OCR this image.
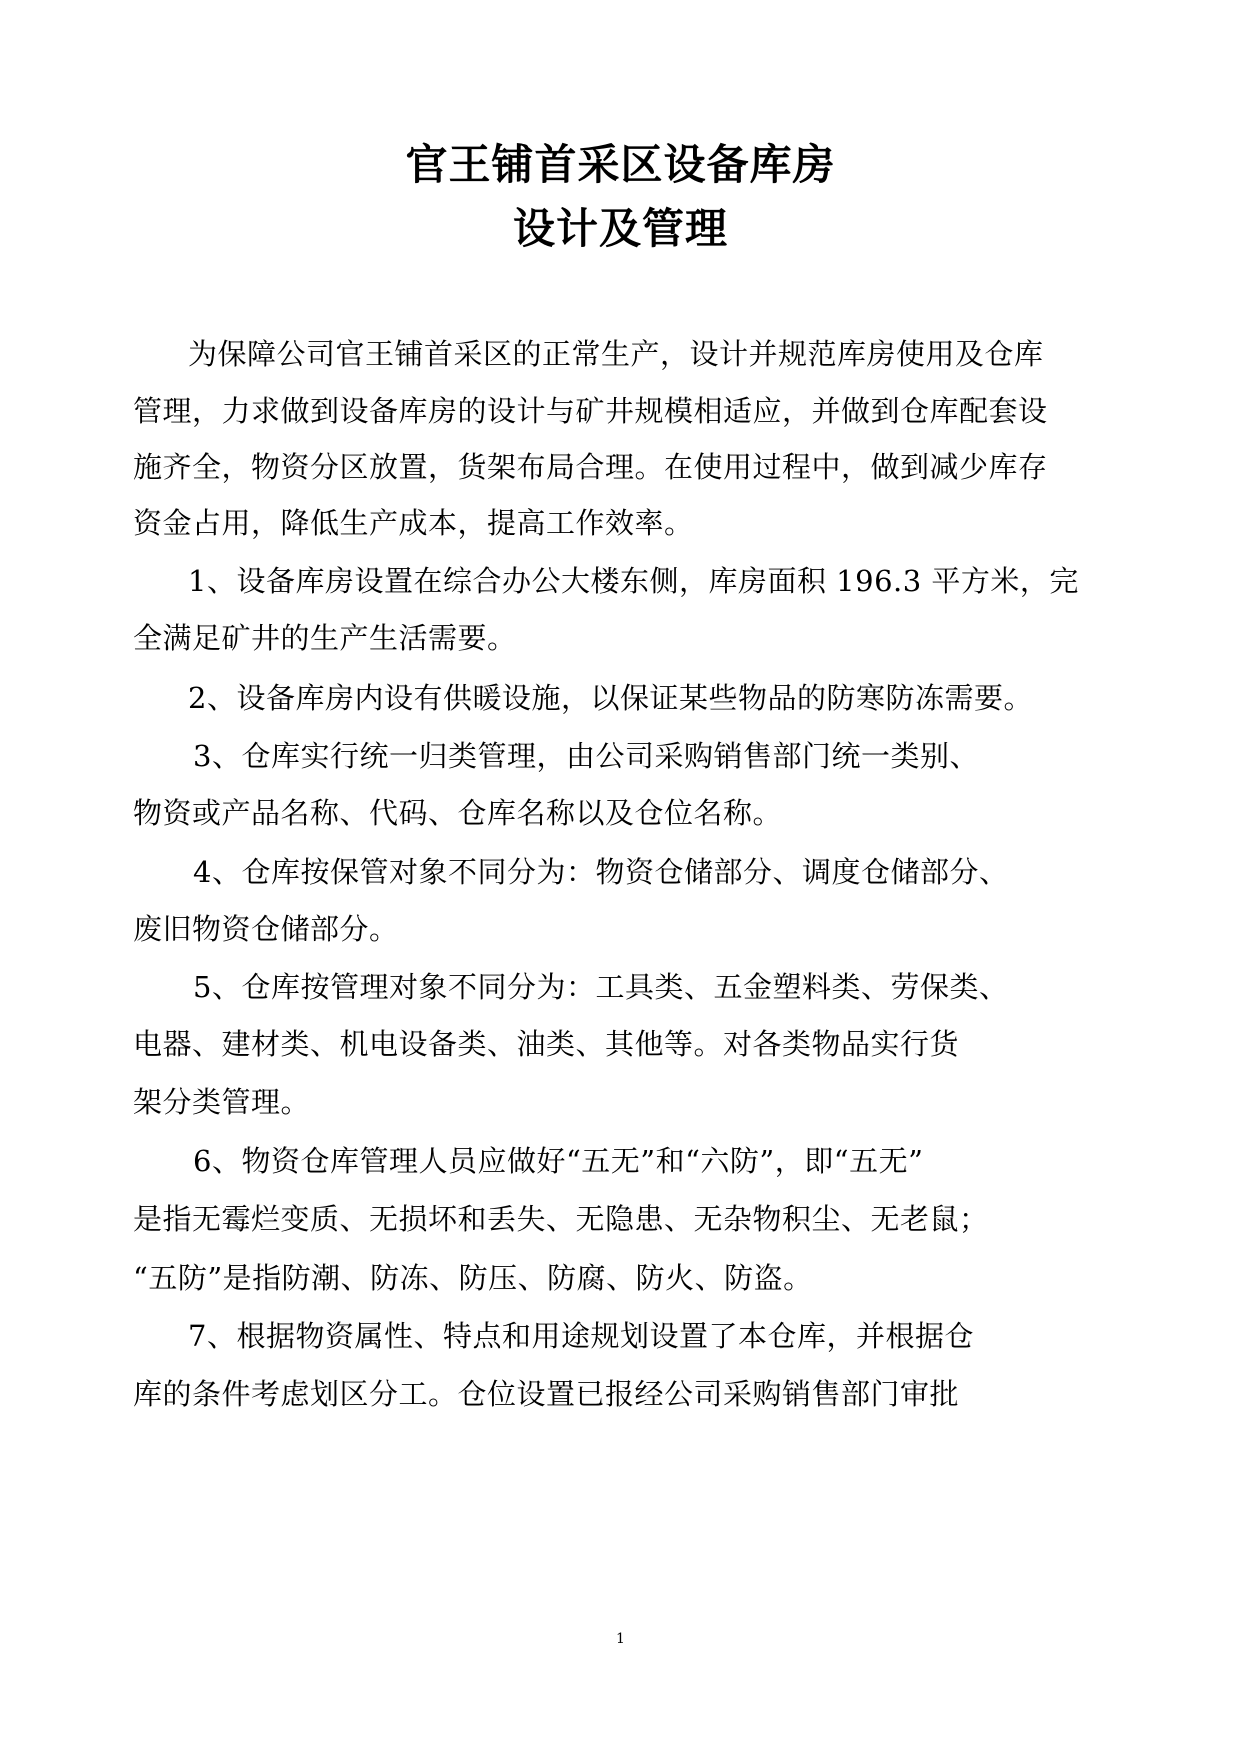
官王铺首采区设备库房
设计及管理
为保障公司官王铺首采区的正常生产，设计并规范库房使用及仓库
管理，力求做到设备库房的设计与矿井规模相适应，并做到仓库配套设
施齐全，物资分区放置，货架布局合理。在使用过程中，做到减少库存
资金占用，降低生产成本，提高工作效率。
1、设备库房设置在综合办公大楼东侧，库房面积 196.3 平方米，完
全满足矿井的生产生活需要。
2、设备库房内设有供暖设施，以保证某些物品的防寒防冻需要。
3、仓库实行统一归类管理，由公司采购销售部门统一类别、
物资或产品名称、代码、仓库名称以及仓位名称。
4、仓库按保管对象不同分为：物资仓储部分、调度仓储部分、
废旧物资仓储部分。
5、仓库按管理对象不同分为：工具类、五金塑料类、劳保类、
电器、建材类、机电设备类、油类、其他等。对各类物品实行货
架分类管理。
6、物资仓库管理人员应做好“五无”和“六防”，即“五无”
是指无霉烂变质、无损坏和丢失、无隐患、无杂物积尘、无老鼠；
“五防”是指防潮、防冻、防压、防腐、防火、防盗。
7、根据物资属性、特点和用途规划设置了本仓库，并根据仓
库的条件考虑划区分工。仓位设置已报经公司采购销售部门审批
1
